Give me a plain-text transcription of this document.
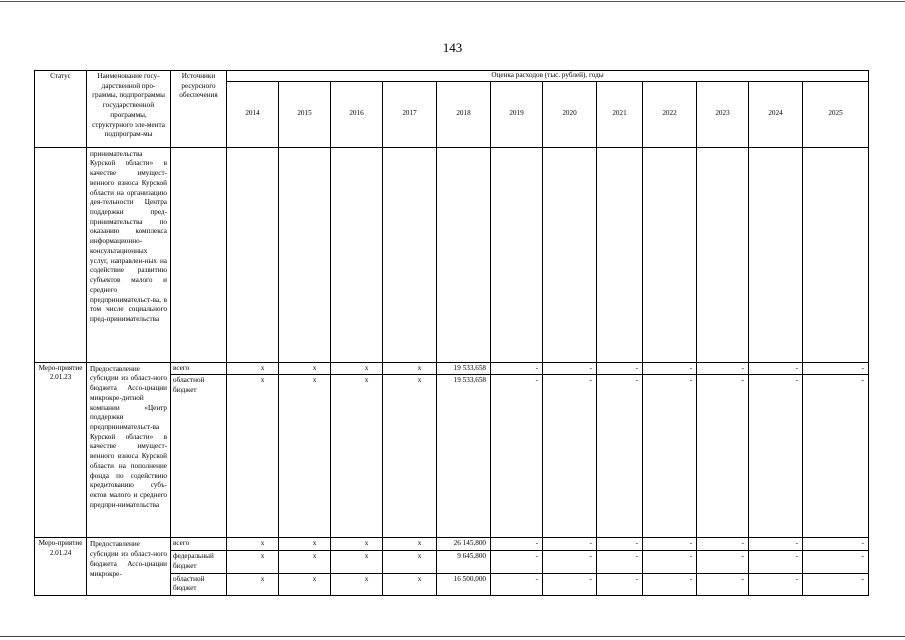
143
Статус	Наименование госу-дарственной про-граммы, подпрограммы государственной программы, структурного эле-мента подпрограм-мы	Источники ресурсного обеспечения	Оценка расходов (тыс. рублей), годы											
			2014	2015	2016	2017	2018	2019	2020	2021	2022	2023	2024	2025
	принимательства Курской области» в качестве имущест-венного взноса Курской области на организацию дея-тельности Центра поддержки пред-принимательства по оказанию комплекса информационно-консультационных услуг, направлен-ных на содействие развитию субъектов малого и среднего предпринимательст-ва, в том числе социального пред-принимательства													
Меро-приятие 2.01.23	Предоставление субсидии из област-ного бюджета Ассо-циации микрокре-дитной компании «Центр поддержки предпринимательст-ва Курской области» в качестве имущест-венного взноса Курской области на пополнение фонда по содействию кредитованию субъ-ектов малого и среднего предпри-нимательства	всего	x	x	x	x	19 533,658	-	-	-	-	-	-	-
		областной бюджет	x	x	x	x	19 533,658	-	-	-	-	-	-	-
Меро-приятие 2.01.24	Предоставление субсидии из област-ного бюджета Ассо-циации микрокре-	всего	x	x	x	x	26 145,800	-	-	-	-	-	-	-
		федеральный бюджет	x	x	x	x	9 645,800	-	-	-	-	-	-	-
		областной бюджет	x	x	x	x	16 500,000	-	-	-	-	-	-	-
